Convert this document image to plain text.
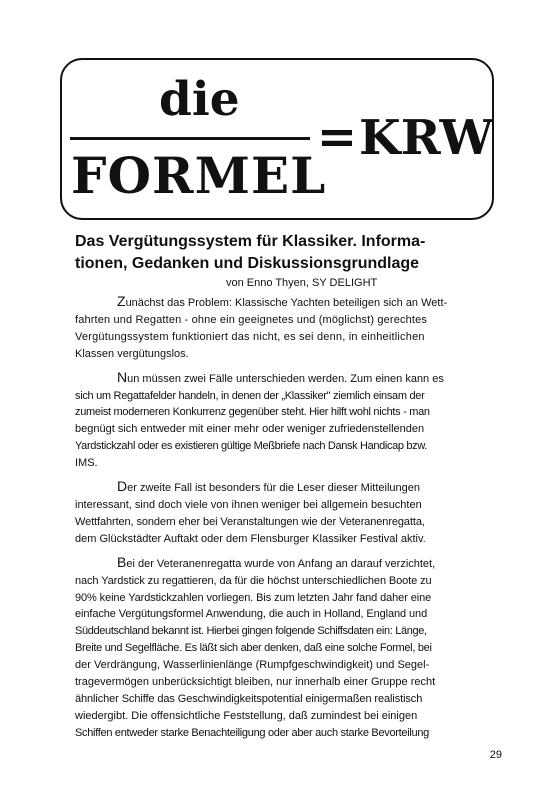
die
FORMEL
= KRW
Das Vergütungssystem für Klassiker. Informa-
tionen, Gedanken und Diskussionsgrundlage
von Enno Thyen, SY DELIGHT

Zunächst das Problem: Klassische Yachten beteiligen sich an Wett-
fahrten und Regatten - ohne ein geeignetes und (möglichst) gerechtes
Vergütungssystem funktioniert das nicht, es sei denn, in einheitlichen
Klassen vergütungslos.

Nun müssen zwei Fälle unterschieden werden. Zum einen kann es
sich um Regattafelder handeln, in denen der „Klassiker" ziemlich einsam der
zumeist moderneren Konkurrenz gegenüber steht. Hier hilft wohl nichts - man
begnügt sich entweder mit einer mehr oder weniger zufriedenstellenden
Yardstickzahl oder es existieren gültige Meßbriefe nach Dansk Handicap bzw.
IMS.

Der zweite Fall ist besonders für die Leser dieser Mitteilungen
interessant, sind doch viele von ihnen weniger bei allgemein besuchten
Wettfahrten, sondern eher bei Veranstaltungen wie der Veteranenregatta,
dem Glückstädter Auftakt oder dem Flensburger Klassiker Festival aktiv.

Bei der Veteranenregatta wurde von Anfang an darauf verzichtet,
nach Yardstick zu regattieren, da für die höchst unterschiedlichen Boote zu
90% keine Yardstickzahlen vorliegen. Bis zum letzten Jahr fand daher eine
einfache Vergütungsformel Anwendung, die auch in Holland, England und
Süddeutschland bekannt ist. Hierbei gingen folgende Schiffsdaten ein: Länge,
Breite und Segelfläche. Es läßt sich aber denken, daß eine solche Formel, bei
der Verdrängung, Wasserlinienlänge (Rumpfgeschwindigkeit) und Segel-
tragevermögen unberücksichtigt bleiben, nur innerhalb einer Gruppe recht
ähnlicher Schiffe das Geschwindigkeitspotential einigermaßen realistisch
wiedergibt. Die offensichtliche Feststellung, daß zumindest bei einigen
Schiffen entweder starke Benachteiligung oder aber auch starke Bevorteilung

29
